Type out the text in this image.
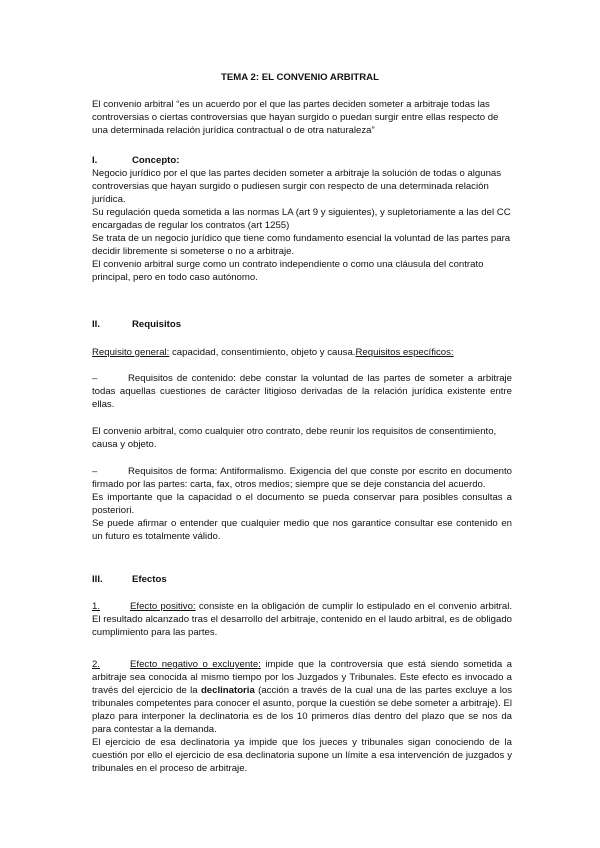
TEMA 2: EL CONVENIO ARBITRAL

El convenio arbitral “es un acuerdo por el que las partes deciden someter a arbitraje todas las controversias o ciertas controversias que hayan surgido o puedan surgir entre ellas respecto de una determinada relación jurídica contractual o de otra naturaleza”

I.	Concepto:
Negocio jurídico por el que las partes deciden someter a arbitraje la solución de todas o algunas controversias que hayan surgido o pudiesen surgir con respecto de una determinada relación jurídica.
Su regulación queda sometida a las normas LA (art 9 y siguientes), y supletoriamente a las del CC encargadas de regular los contratos (art 1255)
Se trata de un negocio jurídico que tiene como fundamento esencial la voluntad de las partes para decidir libremente si someterse o no a arbitraje.
El convenio arbitral surge como un contrato independiente o como una cláusula del contrato principal, pero en todo caso autónomo.
II.	Requisitos

Requisito general: capacidad, consentimiento, objeto y causa.Requisitos específicos:

–	Requisitos de contenido: debe constar la voluntad de las partes de someter a arbitraje todas aquellas cuestiones de carácter litigioso derivadas de la relación jurídica existente entre ellas.

El convenio arbitral, como cualquier otro contrato, debe reunir los requisitos de consentimiento, causa y objeto.

–	Requisitos de forma: Antiformalismo. Exigencia del que conste por escrito en documento firmado por las partes: carta, fax, otros medios; siempre que se deje constancia del acuerdo.
Es importante que la capacidad o el documento se pueda conservar para posibles consultas a posteriori.
Se puede afirmar o entender que cualquier medio que nos garantice consultar ese contenido en un futuro es totalmente válido.
III.	Efectos

1.	Efecto positivo: consiste en la obligación de cumplir lo estipulado en el convenio arbitral. El resultado alcanzado tras el desarrollo del arbitraje, contenido en el laudo arbitral, es de obligado cumplimiento para las partes.

2.	Efecto negativo o excluyente: impide que la controversia que está siendo sometida a arbitraje sea conocida al mismo tiempo por los Juzgados y Tribunales. Este efecto es invocado a través del ejercicio de la declinatoria (acción a través de la cual una de las partes excluye a los tribunales competentes para conocer el asunto, porque la cuestión se debe someter a arbitraje). El plazo para interponer la declinatoria es de los 10 primeros días dentro del plazo que se nos da para contestar a la demanda.
El ejercicio de esa declinatoria ya impide que los jueces y tribunales sigan conociendo de la cuestión por ello el ejercicio de esa declinatoria supone un límite a esa intervención de juzgados y tribunales en el proceso de arbitraje.
